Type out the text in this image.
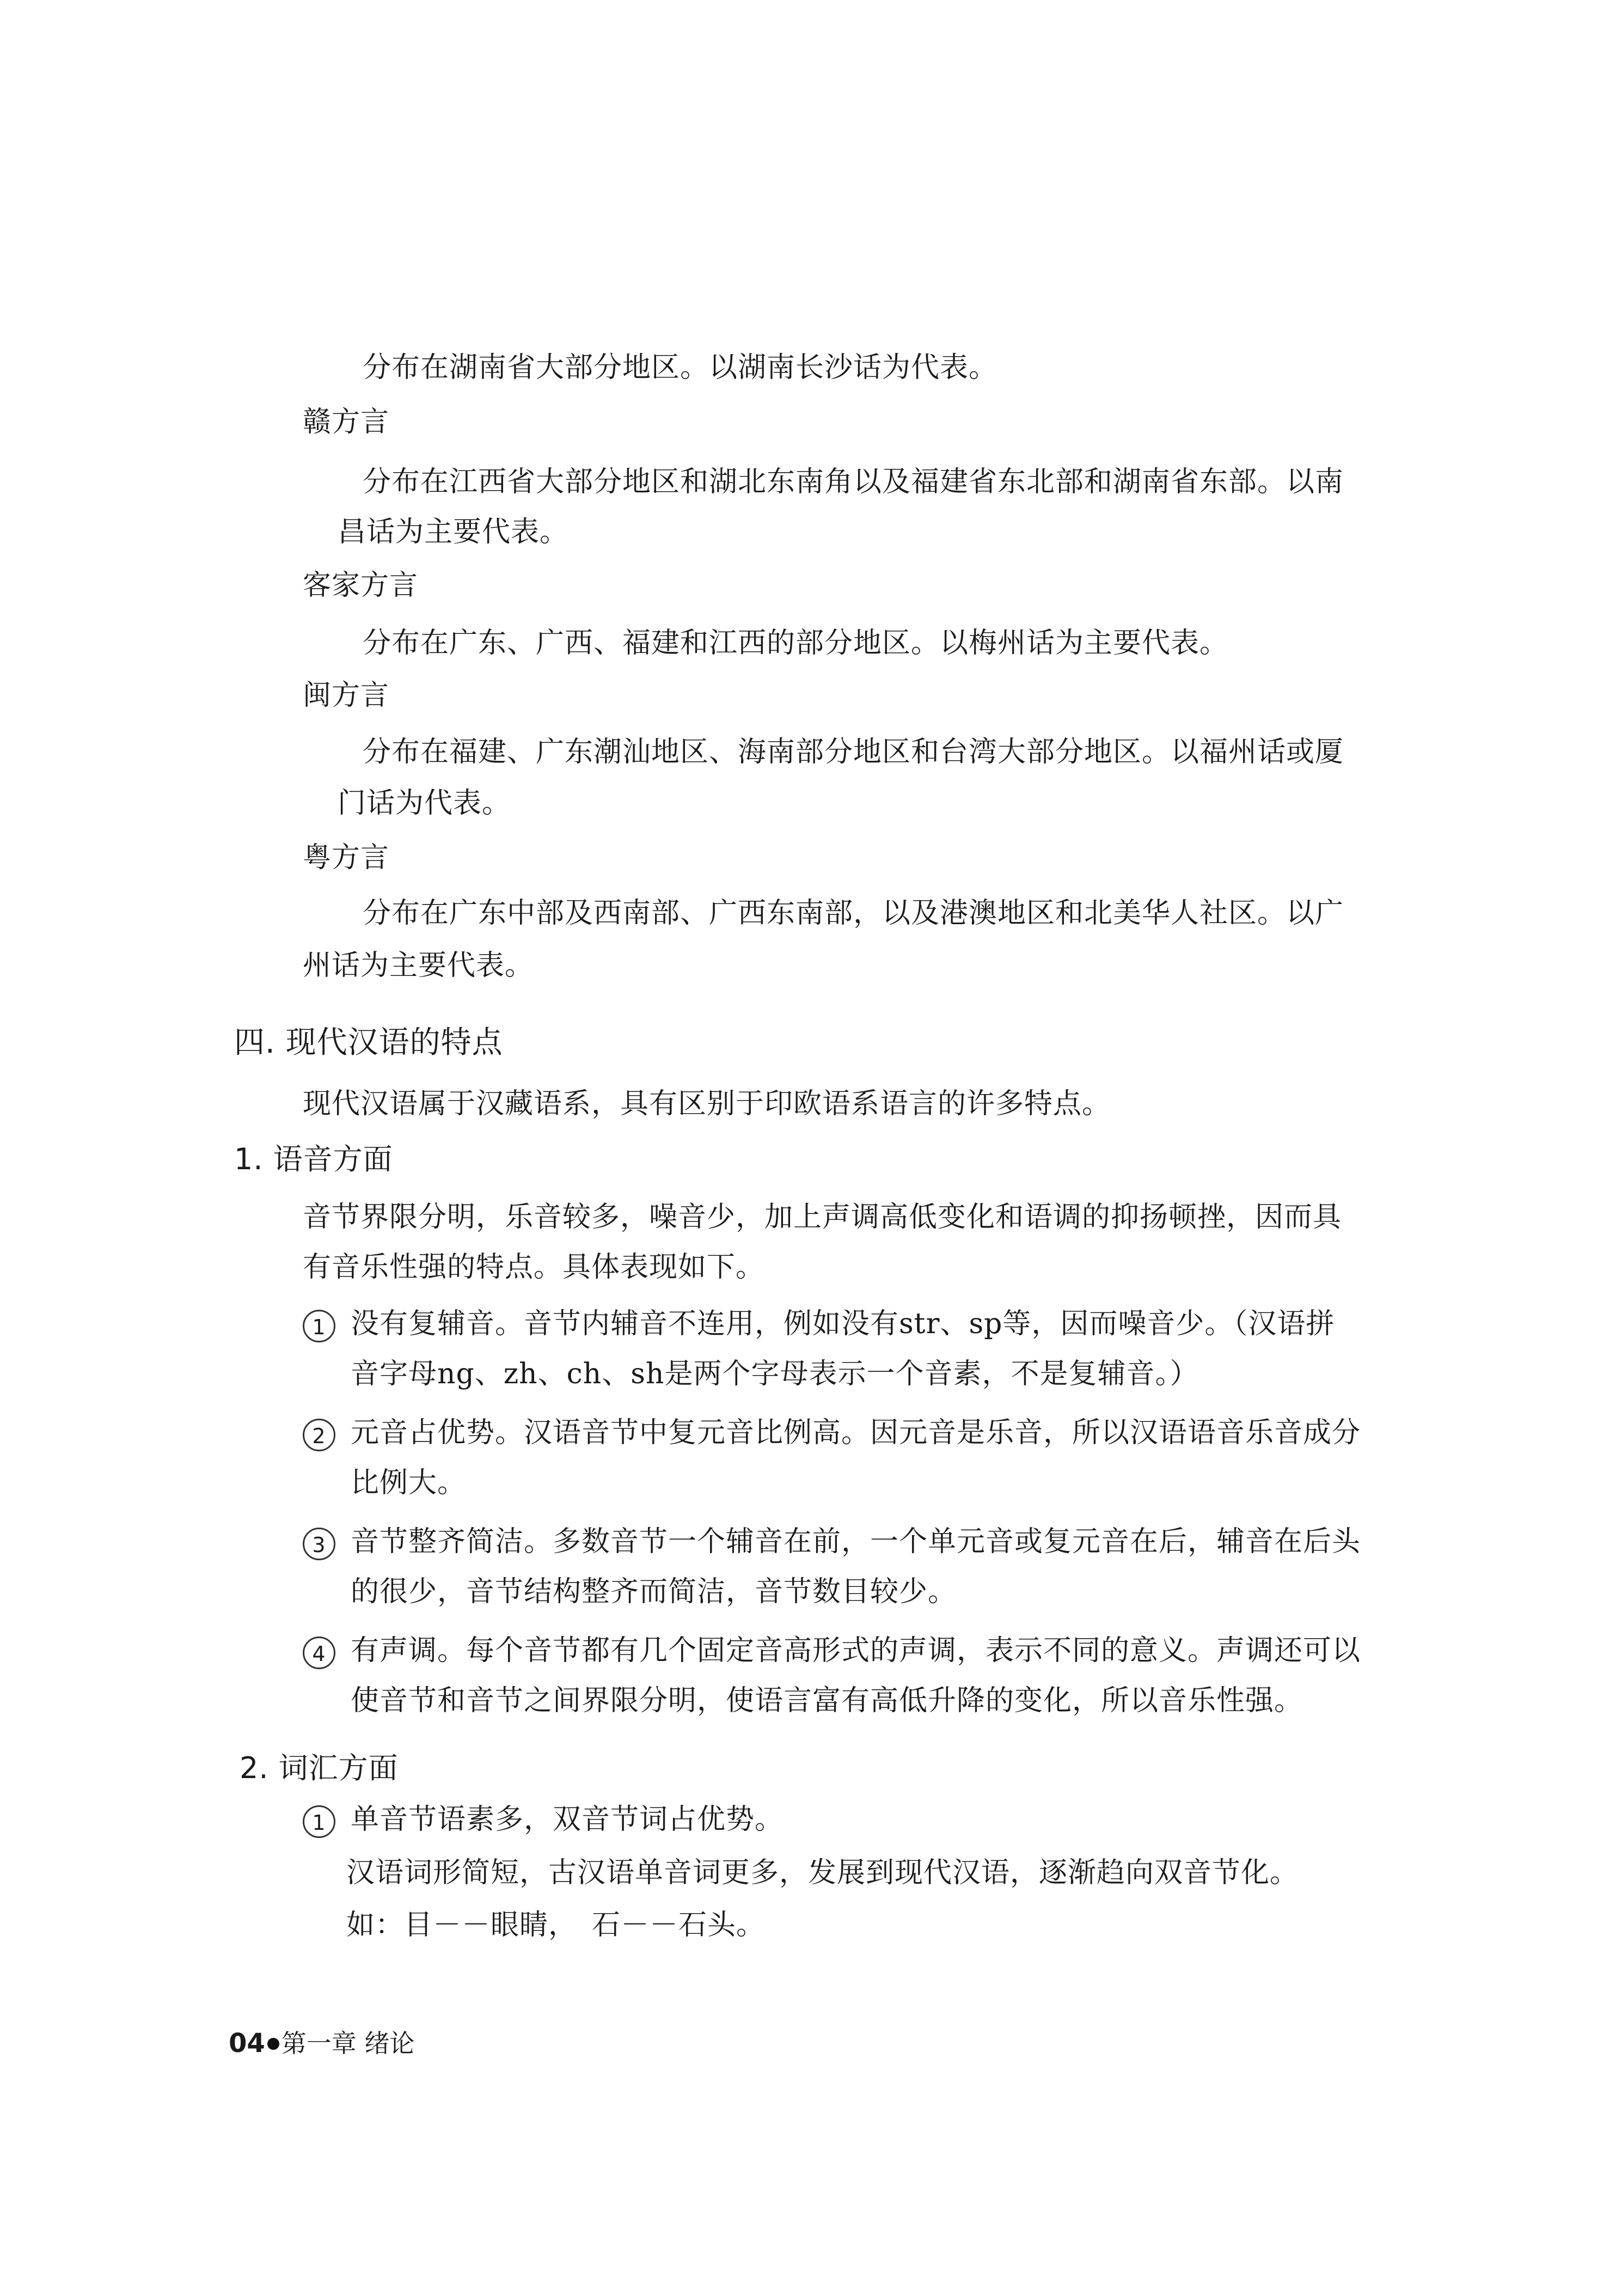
分布在湖南省大部分地区。以湖南长沙话为代表。
赣方言
分布在江西省大部分地区和湖北东南角以及福建省东北部和湖南省东部。以南
昌话为主要代表。
客家方言
分布在广东、广西、福建和江西的部分地区。以梅州话为主要代表。
闽方言
分布在福建、广东潮汕地区、海南部分地区和台湾大部分地区。以福州话或厦
门话为代表。
粤方言
分布在广东中部及西南部、广西东南部，以及港澳地区和北美华人社区。以广
州话为主要代表。
四. 现代汉语的特点
现代汉语属于汉藏语系，具有区别于印欧语系语言的许多特点。
1. 语音方面
音节界限分明，乐音较多，噪音少，加上声调高低变化和语调的抑扬顿挫，因而具
有音乐性强的特点。具体表现如下。
1 没有复辅音。音节内辅音不连用，例如没有str、sp等，因而噪音少。（汉语拼
音字母ng、zh、ch、sh是两个字母表示一个音素，不是复辅音。）
2 元音占优势。汉语音节中复元音比例高。因元音是乐音，所以汉语语音乐音成分
比例大。
3 音节整齐简洁。多数音节一个辅音在前，一个单元音或复元音在后，辅音在后头
的很少，音节结构整齐而简洁，音节数目较少。
4 有声调。每个音节都有几个固定音高形式的声调，表示不同的意义。声调还可以
使音节和音节之间界限分明，使语言富有高低升降的变化，所以音乐性强。
2. 词汇方面
1 单音节语素多，双音节词占优势。
汉语词形简短，古汉语单音词更多，发展到现代汉语，逐渐趋向双音节化。
如：目－－眼睛，　石－－石头。
04 第一章 绪论
